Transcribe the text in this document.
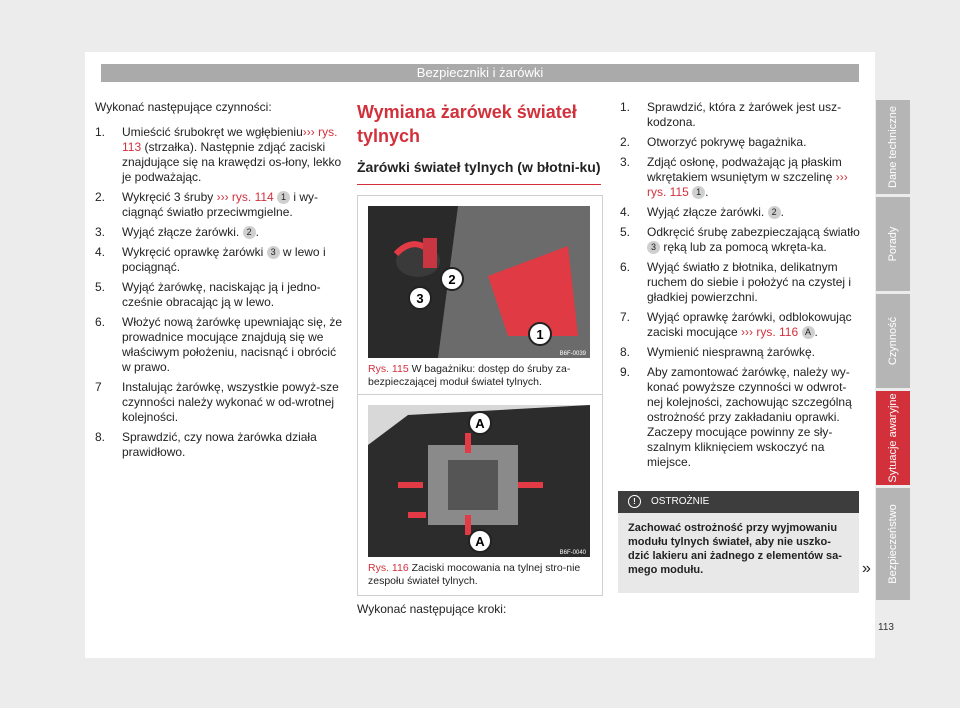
Bezpieczniki i żarówki

Wykonać następujące czynności:

1. Umieścić śrubokręt we wgłębieniu››› rys. 113 (strzałka). Następnie zdjąć zaciski znajdujące się na krawędzi os-łony, lekko je podważając.
2. Wykręcić 3 śruby ››› rys. 114 1 i wy-ciągnąć światło przeciwmgielne.
3. Wyjąć złącze żarówki. 2 .
4. Wykręcić oprawkę żarówki 3 w lewo i pociągnąć.
5. Wyjąć żarówkę, naciskając ją i jedno-cześnie obracając ją w lewo.
6. Włożyć nową żarówkę upewniając się, że prowadnice mocujące znajdują się we właściwym położeniu, nacisnąć i obrócić w prawo.
7 Instalując żarówkę, wszystkie powyż-sze czynności należy wykonać w od-wrotnej kolejności.
8. Sprawdzić, czy nowa żarówka działa prawidłowo.
Wymiana żarówek świateł tylnych
Żarówki świateł tylnych (w błotni-ku)
2
3
1
B6F-0039
Rys. 115 W bagażniku: dostęp do śruby za-bezpieczającej moduł świateł tylnych.
A
A
B6F-0040
Rys. 116 Zaciski mocowania na tylnej stro-nie zespołu świateł tylnych.
Wykonać następujące kroki:
1. Sprawdzić, która z żarówek jest usz-kodzona.
2. Otworzyć pokrywę bagażnika.
3. Zdjąć osłonę, podważając ją płaskim wkrętakiem wsuniętym w szczelinę ››› rys. 115 1 .
4. Wyjąć złącze żarówki. 2 .
5. Odkręcić śrubę zabezpieczającą światło 3 ręką lub za pomocą wkręta-ka.
6. Wyjąć światło z błotnika, delikatnym ruchem do siebie i położyć na czystej i gładkiej powierzchni.
7. Wyjąć oprawkę żarówki, odblokowując zaciski mocujące ››› rys. 116 A .
8. Wymienić niesprawną żarówkę.
9. Aby zamontować żarówkę, należy wy-konać powyższe czynności w odwrot-nej kolejności, zachowując szczególną ostrożność przy zakładaniu oprawki. Zaczepy mocujące powinny ze sły-szalnym kliknięciem wskoczyć na miejsce.
! OSTROŻNIE
Zachować ostrożność przy wyjmowaniu modułu tylnych świateł, aby nie uszko-dzić lakieru ani żadnego z elementów sa-mego modułu.	»
Dane techniczne
Porady
Czynność
Sytuacje awaryjne
Bezpieczeństwo
113
